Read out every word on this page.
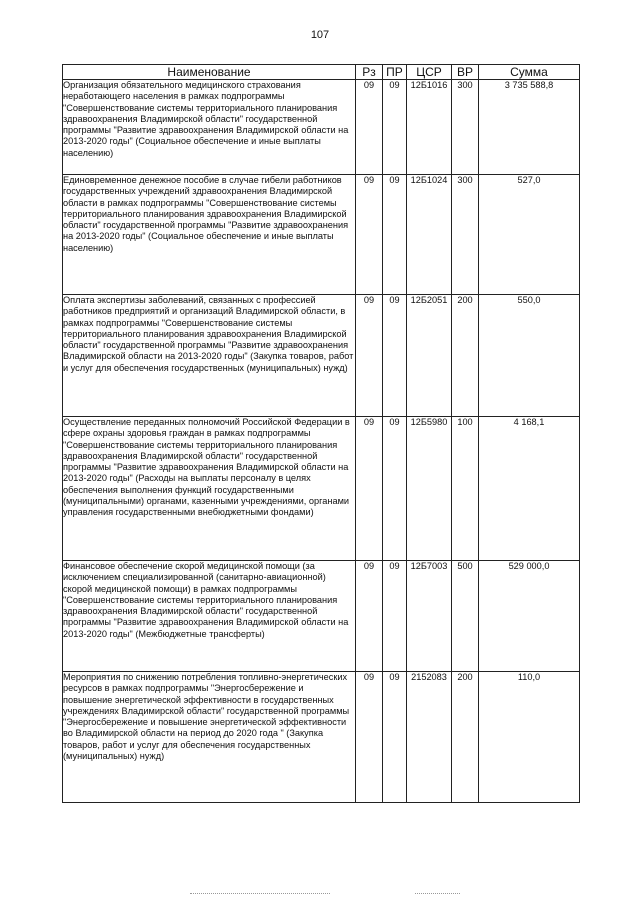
107
Наименование	Рз	ПР	ЦСР	ВР	Сумма
Организация обязательного медицинского страхования неработающего населения в рамках подпрограммы "Совершенствование системы территориального планирования здравоохранения Владимирской области" государственной программы "Развитие здравоохранения Владимирской области на 2013-2020 годы" (Социальное обеспечение и иные выплаты населению)	09	09	12Б1016	300	3 735 588,8
Единовременное денежное пособие в случае гибели работников государственных учреждений здравоохранения Владимирской области в рамках подпрограммы "Совершенствование системы территориального планирования здравоохранения Владимирской области" государственной программы "Развитие здравоохранения на 2013-2020 годы" (Социальное обеспечение и иные выплаты населению)	09	09	12Б1024	300	527,0
Оплата экспертизы заболеваний, связанных с профессией работников предприятий и организаций Владимирской области, в рамках подпрограммы "Совершенствование системы территориального планирования здравоохранения Владимирской области" государственной программы "Развитие здравоохранения Владимирской области на 2013-2020 годы" (Закупка товаров, работ и услуг для обеспечения государственных (муниципальных) нужд)	09	09	12Б2051	200	550,0
Осуществление переданных полномочий Российской Федерации в сфере охраны здоровья граждан в рамках подпрограммы "Совершенствование системы территориального планирования здравоохранения Владимирской области" государственной программы "Развитие здравоохранения Владимирской области на 2013-2020 годы" (Расходы на выплаты персоналу в целях обеспечения выполнения функций государственными (муниципальными) органами, казенными учреждениями, органами управления государственными внебюджетными фондами)	09	09	12Б5980	100	4 168,1
Финансовое обеспечение скорой медицинской помощи (за исключением специализированной (санитарно-авиационной) скорой медицинской помощи) в рамках подпрограммы "Совершенствование системы территориального планирования здравоохранения Владимирской области" государственной программы "Развитие здравоохранения Владимирской области на 2013-2020 годы" (Межбюджетные трансферты)	09	09	12Б7003	500	529 000,0
Мероприятия по снижению потребления топливно-энергетических ресурсов в рамках подпрограммы "Энергосбережение и повышение энергетической эффективности в государственных учреждениях Владимирской области" государственной программы "Энергосбережение и повышение энергетической эффективности во Владимирской области на период до 2020 года " (Закупка товаров, работ и услуг для обеспечения государственных (муниципальных) нужд)	09	09	2152083	200	110,0
